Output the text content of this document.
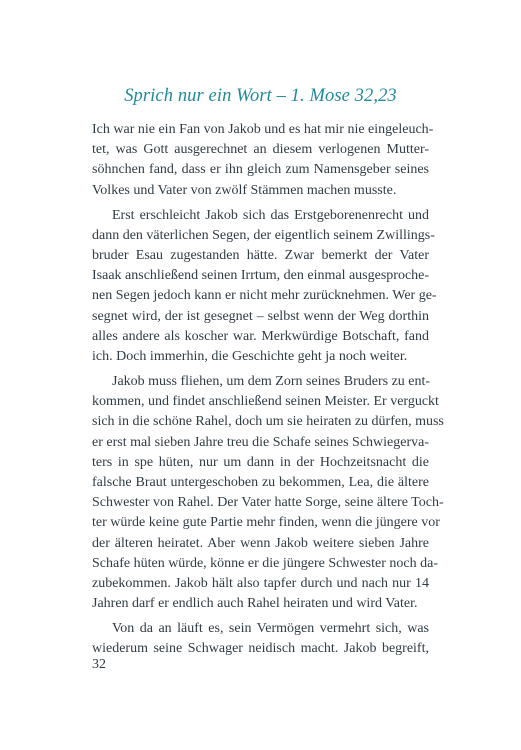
Sprich nur ein Wort – 1. Mose 32,23
Ich war nie ein Fan von Jakob und es hat mir nie eingeleuch-
tet, was Gott ausgerechnet an diesem verlogenen Mutter-
söhnchen fand, dass er ihn gleich zum Namensgeber seines
Volkes und Vater von zwölf Stämmen machen musste.
Erst erschleicht Jakob sich das Erstgeborenenrecht und
dann den väterlichen Segen, der eigentlich seinem Zwillings-
bruder Esau zugestanden hätte. Zwar bemerkt der Vater
Isaak anschließend seinen Irrtum, den einmal ausgesproche-
nen Segen jedoch kann er nicht mehr zurücknehmen. Wer ge-
segnet wird, der ist gesegnet – selbst wenn der Weg dorthin
alles andere als koscher war. Merkwürdige Botschaft, fand
ich. Doch immerhin, die Geschichte geht ja noch weiter.
Jakob muss fliehen, um dem Zorn seines Bruders zu ent-
kommen, und findet anschließend seinen Meister. Er verguckt
sich in die schöne Rahel, doch um sie heiraten zu dürfen, muss
er erst mal sieben Jahre treu die Schafe seines Schwiegerva-
ters in spe hüten, nur um dann in der Hochzeitsnacht die
falsche Braut untergeschoben zu bekommen, Lea, die ältere
Schwester von Rahel. Der Vater hatte Sorge, seine ältere Toch-
ter würde keine gute Partie mehr finden, wenn die jüngere vor
der älteren heiratet. Aber wenn Jakob weitere sieben Jahre
Schafe hüten würde, könne er die jüngere Schwester noch da-
zubekommen. Jakob hält also tapfer durch und nach nur 14
Jahren darf er endlich auch Rahel heiraten und wird Vater.
Von da an läuft es, sein Vermögen vermehrt sich, was
wiederum seine Schwager neidisch macht. Jakob begreift,
32
